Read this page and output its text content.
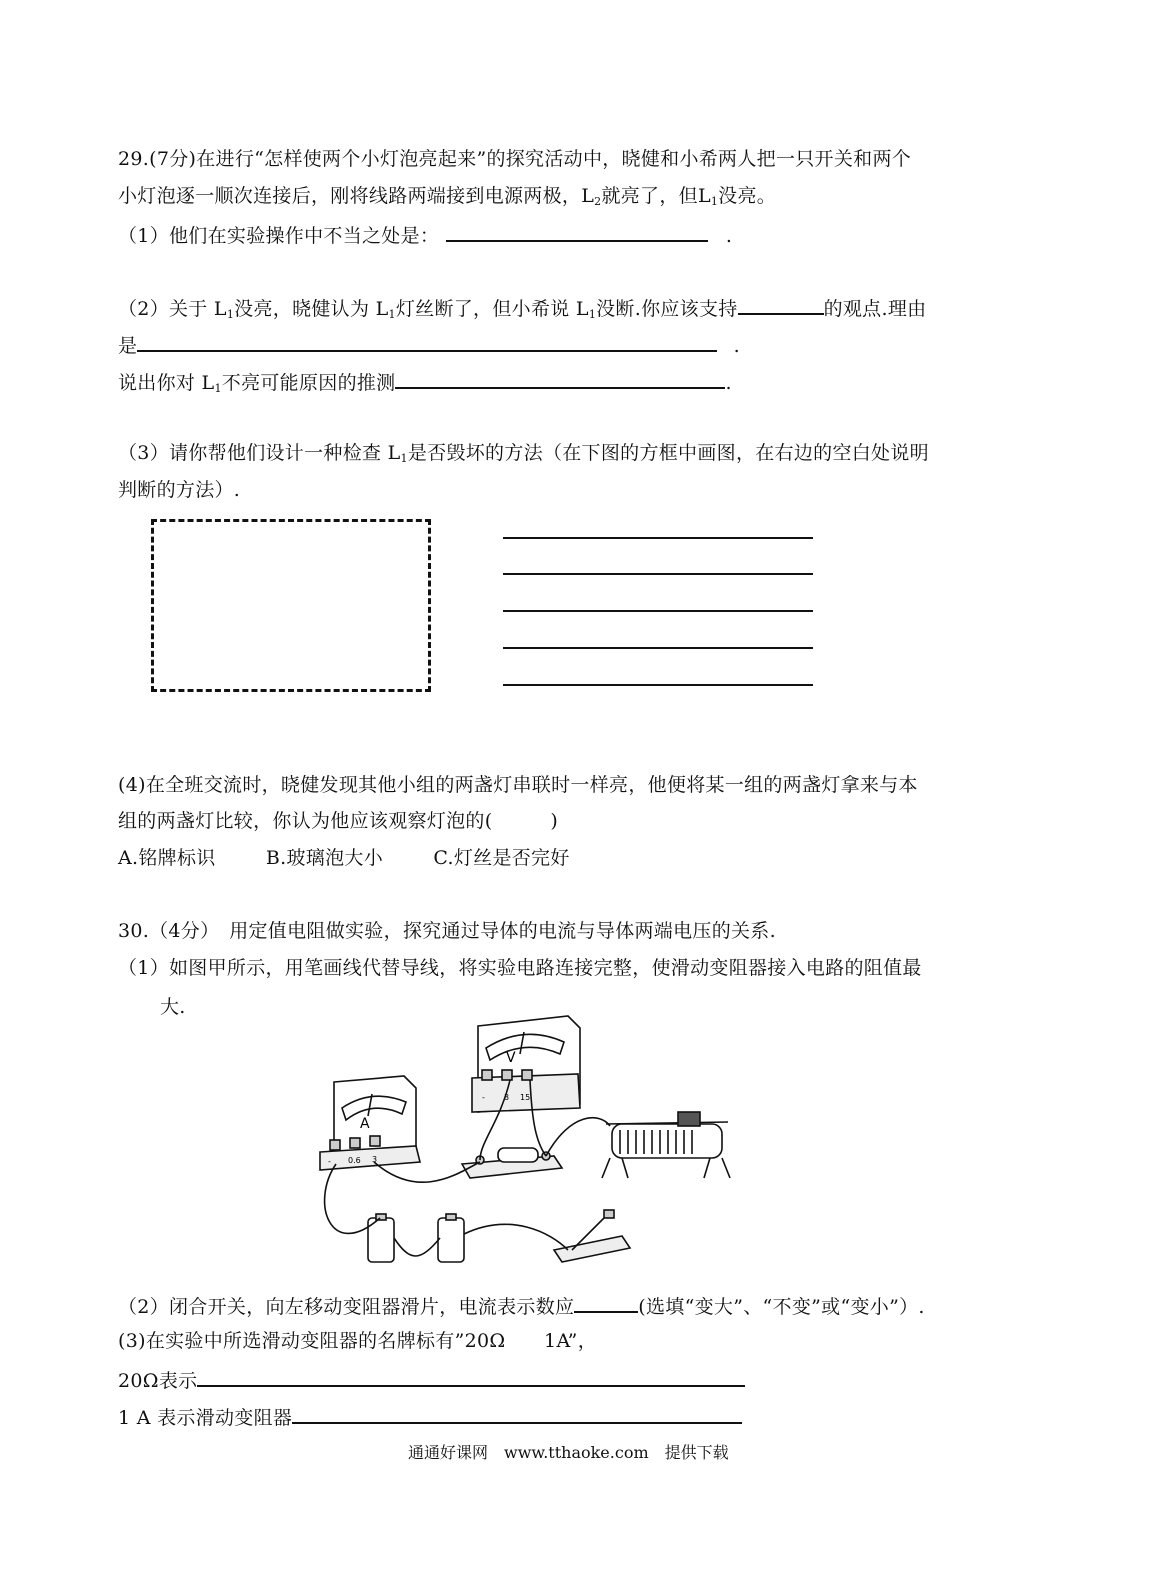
29.(7分)在进行“怎样使两个小灯泡亮起来”的探究活动中，晓健和小希两人把一只开关和两个
小灯泡逐一顺次连接后，刚将线路两端接到电源两极，$L_2$就亮了，但$L_1$没亮。
（1）他们在实验操作中不当之处是：	.
（2）关于 $L_1$没亮，晓健认为 $L_1$灯丝断了，但小希说 $L_1$没断.你应该支持	的观点.理由
是	.
说出你对 $L_1$不亮可能原因的推测	.
（3）请你帮他们设计一种检查 $L_1$是否毁坏的方法（在下图的方框中画图，在右边的空白处说明
判断的方法）.
(4)在全班交流时，晓健发现其他小组的两盏灯串联时一样亮，他便将某一组的两盏灯拿来与本
组的两盏灯比较，你认为他应该观察灯泡的(　　　)
A.铭牌标识	B.玻璃泡大小	C.灯丝是否完好
30.（4分）　用定值电阻做实验，探究通过导体的电流与导体两端电压的关系.
（1）如图甲所示，用笔画线代替导线，将实验电路连接完整，使滑动变阻器接入电路的阻值最
大.
A
V
- 0.6 3
- 3 15
（2）闭合开关，向左移动变阻器滑片，电流表示数应	(选填“变大”、“不变”或“变小”）.
(3)在实验中所选滑动变阻器的名牌标有”20Ω　　1A”，
20Ω表示
1 A 表示滑动变阻器
通通好课网　www.tthaoke.com　提供下载
